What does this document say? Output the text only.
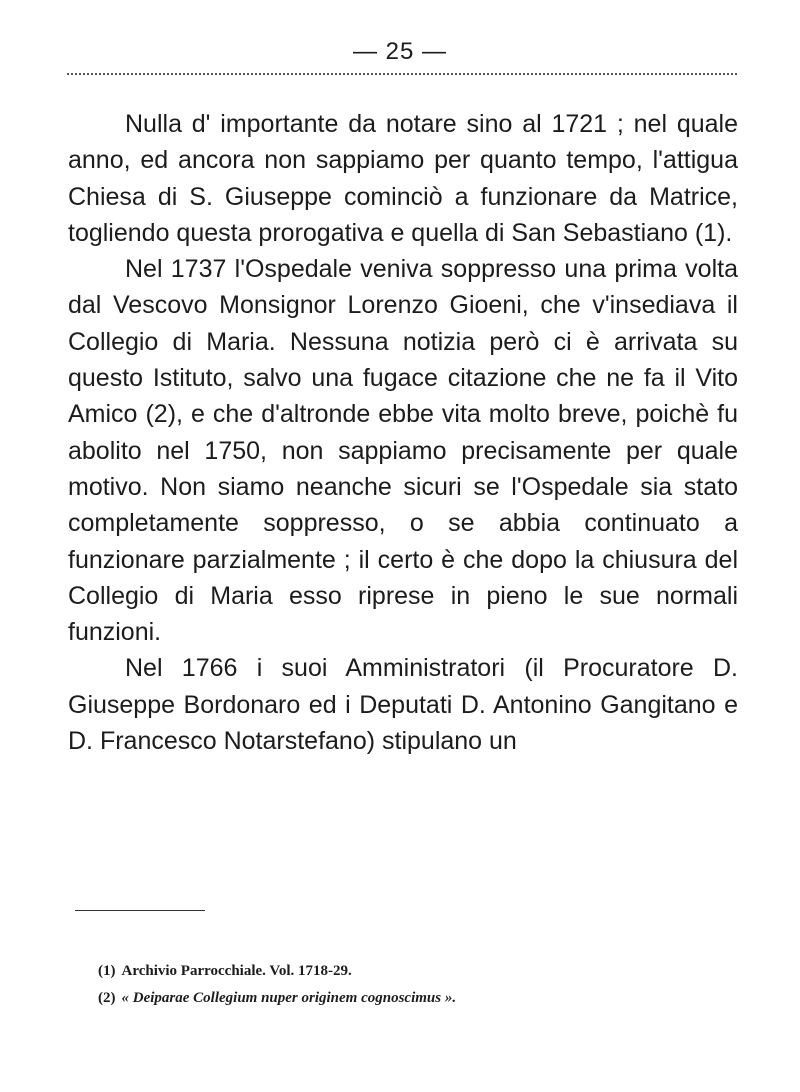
— 25 —

Nulla d' importante da notare sino al 1721 ; nel quale anno, ed ancora non sappiamo per quanto tempo, l'attigua Chiesa di S. Giuseppe cominciò a funzionare da Matrice, togliendo questa prorogativa e quella di San Sebastiano (1).

Nel 1737 l'Ospedale veniva soppresso una prima volta dal Vescovo Monsignor Lorenzo Gioeni, che v'insediava il Collegio di Maria. Nessuna notizia però ci è arrivata su questo Istituto, salvo una fugace citazione che ne fa il Vito Amico (2), e che d'altronde ebbe vita molto breve, poichè fu abolito nel 1750, non sappiamo precisamente per quale motivo. Non siamo neanche sicuri se l'Ospedale sia stato completamente soppresso, o se abbia continuato a funzionare parzialmente ; il certo è che dopo la chiusura del Collegio di Maria esso riprese in pieno le sue normali funzioni.

Nel 1766 i suoi Amministratori (il Procuratore D. Giuseppe Bordonaro ed i Deputati D. Antonino Gangitano e D. Francesco Notarstefano) stipulano un

(1) Archivio Parrocchiale. Vol. 1718-29.

(2) « Deiparae Collegium nuper originem cognoscimus ».
